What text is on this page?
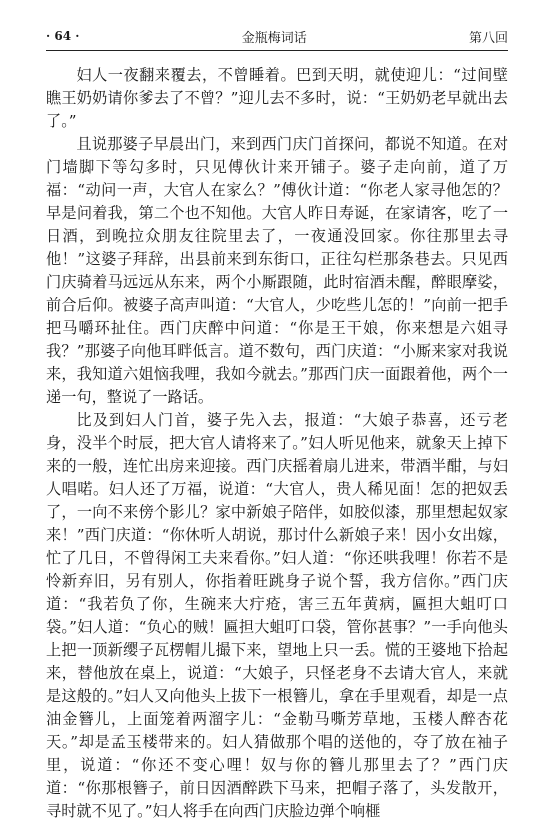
· 64 ·	金瓶梅词话	第八回

妇人一夜翻来覆去，不曾睡着。巴到天明，就使迎儿：“过间壁瞧王奶奶请你爹去了不曾？”迎儿去不多时，说：“王奶奶老早就出去了。”

且说那婆子早晨出门，来到西门庆门首探问，都说不知道。在对门墙脚下等勾多时，只见傅伙计来开铺子。婆子走向前，道了万福：“动问一声，大官人在家么？”傅伙计道：“你老人家寻他怎的？早是问着我，第二个也不知他。大官人昨日寿诞，在家请客，吃了一日酒，到晚拉众朋友往院里去了，一夜通没回家。你往那里去寻他！”这婆子拜辞，出县前来到东街口，正往勾栏那条巷去。只见西门庆骑着马远远从东来，两个小厮跟随，此时宿酒未醒，醉眼摩娑，前合后仰。被婆子高声叫道：“大官人，少吃些儿怎的！”向前一把手把马嚼环扯住。西门庆醉中问道：“你是王干娘，你来想是六姐寻我？”那婆子向他耳畔低言。道不数句，西门庆道：“小厮来家对我说来，我知道六姐恼我哩，我如今就去。”那西门庆一面跟着他，两个一递一句，整说了一路话。

比及到妇人门首，婆子先入去，报道：“大娘子恭喜，还亏老身，没半个时辰，把大官人请将来了。”妇人听见他来，就象天上掉下来的一般，连忙出房来迎接。西门庆摇着扇儿进来，带酒半酣，与妇人唱喏。妇人还了万福，说道：“大官人，贵人稀见面！怎的把奴丢了，一向不来傍个影儿？家中新娘子陪伴，如胶似漆，那里想起奴家来！”西门庆道：“你休听人胡说，那讨什么新娘子来！因小女出嫁，忙了几日，不曾得闲工夫来看你。”妇人道：“你还哄我哩！你若不是怜新弃旧，另有别人，你指着旺跳身子说个誓，我方信你。”西门庆道：“我若负了你，生碗来大疔疮，害三五年黄病，匾担大蛆叮口袋。”妇人道：“负心的贼！匾担大蛆叮口袋，管你甚事？”一手向他头上把一顶新缨子瓦楞帽儿撮下来，望地上只一丢。慌的王婆地下拾起来，替他放在桌上，说道：“大娘子，只怪老身不去请大官人，来就是这般的。”妇人又向他头上拔下一根簪儿，拿在手里观看，却是一点油金簪儿，上面笼着两溜字儿：“金勒马嘶芳草地，玉楼人醉杏花天。”却是孟玉楼带来的。妇人猜做那个唱的送他的，夺了放在袖子里，说道：“你还不变心哩！奴与你的簪儿那里去了？”西门庆道：“你那根簪子，前日因酒醉跌下马来，把帽子落了，头发散开，寻时就不见了。”妇人将手在向西门庆脸边弹个响榧
